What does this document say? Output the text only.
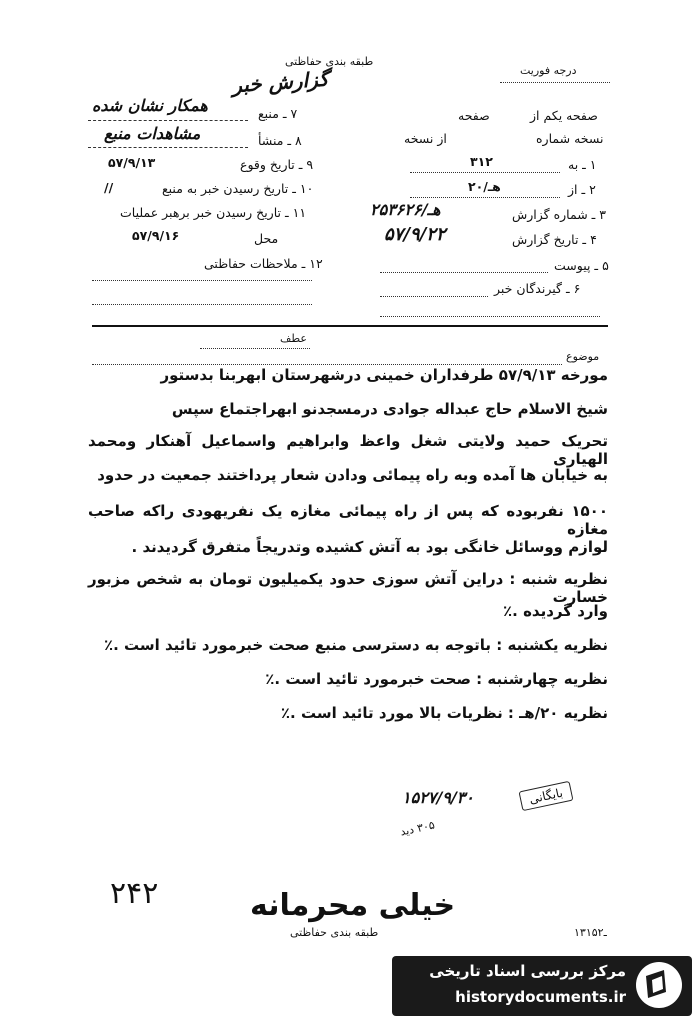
طبقه بندی حفاظتی
گزارش خبر	درجه فوریت
۷ ـ منبع
همکار نشان شده
۸ ـ منشأ
مشاهدات منبع
۹ ـ تاریخ وقوع
۵۷/۹/۱۳
۱۰ ـ تاریخ رسیدن خبر به منبع
//
۱۱ ـ تاریخ رسیدن خبر برهبر عملیات
محل
۵۷/۹/۱۶
۱۲ ـ ملاحظات حفاظتی
صفحه یکم از
صفحه
نسخه شماره
از نسخه
۱ ـ به
۳۱۲
۲ ـ از
۲۰/هـ
۳ ـ شماره گزارش
۲۵۳۶۲۶/هـ
۴ ـ تاریخ گزارش
۵۷/۹/۲۲
۵ ـ پیوست
۶ ـ گیرندگان خبر
عطف
موضوع
مورخه ۵۷/۹/۱۳ طرفداران خمینی درشهرستان ابهربنا بدستور
شیخ الاسلام حاج عبداله جوادی درمسجدنو ابهراجتماع سپس
تحریک حمید ولایتی شغل واعظ وابراهیم واسماعیل آهنکار ومحمد الهیاری
به خیابان ها آمده وبه راه پیمائی ودادن شعار پرداختند جمعیت در حدود
۱۵۰۰ نفربوده که پس از راه پیمائی مغازه یک نفریهودی راکه صاحب مغازه
لوازم ووسائل خانگی بود به آتش کشیده وتدریجاً متفرق گردیدند .
نظریه شنبه : دراین آتش سوزی حدود یکمیلیون تومان به شخص مزبور خسارت
وارد گردیده .٪
نظریه یکشنبه : باتوجه به دسترسی منبع صحت خبرمورد تائید است .٪
نظریه چهارشنبه : صحت خبرمورد تائید است .٪
نظریه ۲۰/هـ : نظریات بالا مورد تائید است .٪
بایگانی
۱۵۲۷/۹/۳۰
۳۰۵ دید
۲۴۲	خیلی محرمانه
طبقه بندی حفاظتی	۱۳۱ـ۵۲
مرکز بررسی اسناد تاریخی
historydocuments.ir
